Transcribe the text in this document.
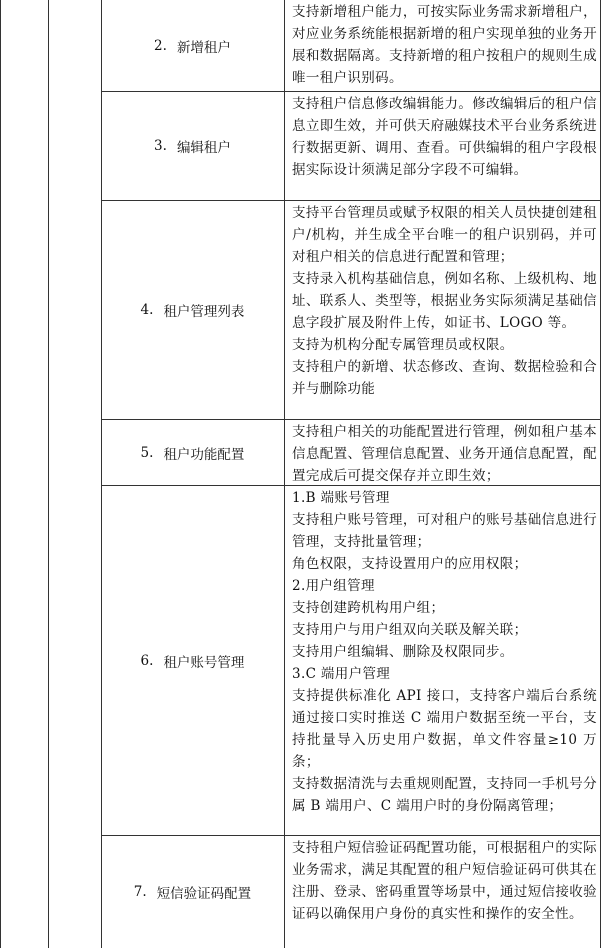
2. 新增租户

支持新增租户能力，可按实际业务需求新增租户，对应业务系统能根据新增的租户实现单独的业务开展和数据隔离。支持新增的租户按租户的规则生成唯一租户识别码。

3. 编辑租户

支持租户信息修改编辑能力。修改编辑后的租户信息立即生效，并可供天府融媒技术平台业务系统进行数据更新、调用、查看。可供编辑的租户字段根据实际设计须满足部分字段不可编辑。

4. 租户管理列表

支持平台管理员或赋予权限的相关人员快捷创建租户/机构，并生成全平台唯一的租户识别码，并可对租户相关的信息进行配置和管理；

支持录入机构基础信息，例如名称、上级机构、地址、联系人、类型等，根据业务实际须满足基础信息字段扩展及附件上传，如证书、LOGO 等。

支持为机构分配专属管理员或权限。

支持租户的新增、状态修改、查询、数据检验和合并与删除功能

5. 租户功能配置

支持租户相关的功能配置进行管理，例如租户基本信息配置、管理信息配置、业务开通信息配置，配置完成后可提交保存并立即生效；

6. 租户账号管理

1.B 端账号管理

支持租户账号管理，可对租户的账号基础信息进行管理，支持批量管理；

角色权限，支持设置用户的应用权限；

2.用户组管理

支持创建跨机构用户组；

支持用户与用户组双向关联及解关联；

支持用户组编辑、删除及权限同步。

3.C 端用户管理

支持提供标准化 API 接口，支持客户端后台系统通过接口实时推送 C 端用户数据至统一平台，支持批量导入历史用户数据，单文件容量≥10 万条；

支持数据清洗与去重规则配置，支持同一手机号分属 B 端用户、C 端用户时的身份隔离管理；

7. 短信验证码配置

支持租户短信验证码配置功能，可根据租户的实际业务需求，满足其配置的租户短信验证码可供其在注册、登录、密码重置等场景中，通过短信接收验证码以确保用户身份的真实性和操作的安全性。
